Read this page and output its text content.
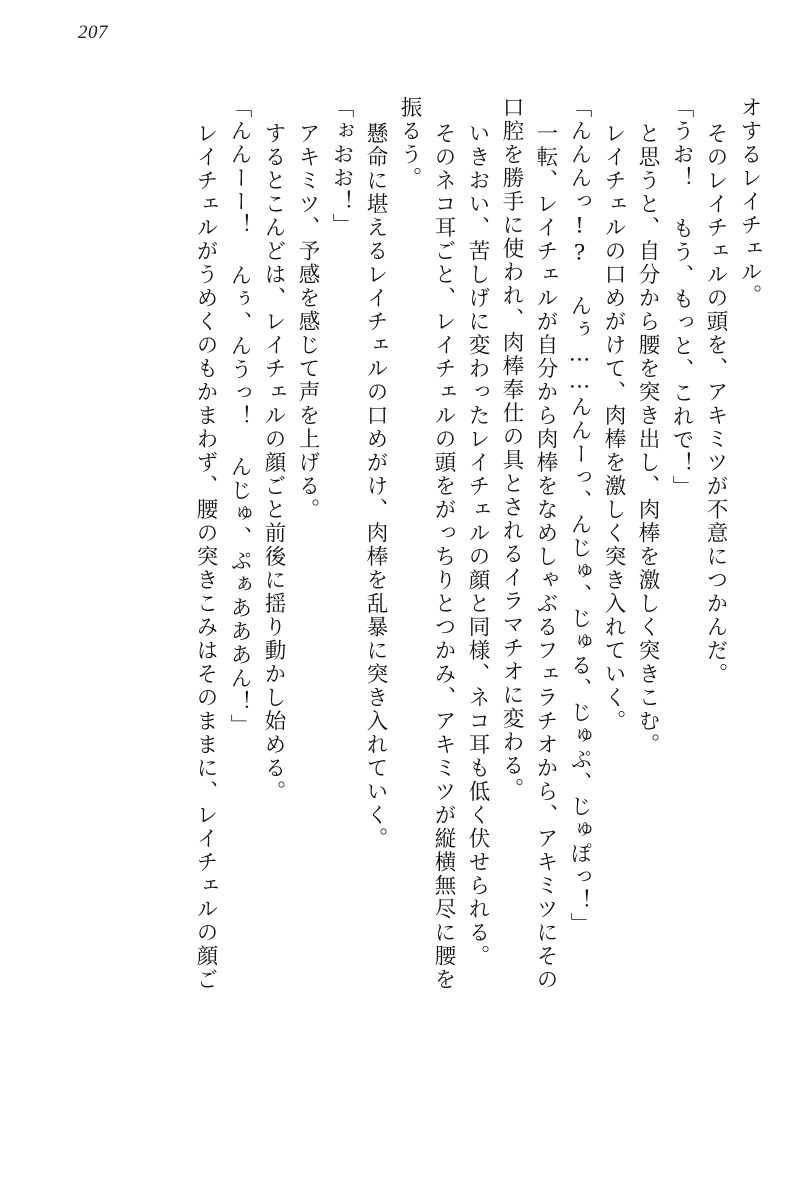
207
オするレイチェル。
そのレイチェルの頭を、アキミツが不意につかんだ。
「うお！ もう、もっと、これで！」
と思うと、自分から腰を突き出し、肉棒を激しく突きこむ。
レイチェルの口めがけて、肉棒を激しく突き入れていく。
「んんんっ!? んぅ……んんーっ、んじゅ、じゅる、じゅぷ、じゅぽっ！」
一転、レイチェルが自分から肉棒をなめしゃぶるフェラチオから、アキミツにその
口腔を勝手に使われ、肉棒奉仕の具とされるイラマチオに変わる。
いきおい、苦しげに変わったレイチェルの顔と同様、ネコ耳も低く伏せられる。
そのネコ耳ごと、レイチェルの頭をがっちりとつかみ、アキミツが縦横無尽に腰を
振るう。
懸命に堪えるレイチェルの口めがけ、肉棒を乱暴に突き入れていく。
「ぉおお！」
アキミツ、予感を感じて声を上げる。
するとこんどは、レイチェルの顔ごと前後に揺り動かし始める。
「んんーー！ んぅ、んうっ！ んじゅ、ぷぁあああん！」
レイチェルがうめくのもかまわず、腰の突きこみはそのままに、レイチェルの顔ご
